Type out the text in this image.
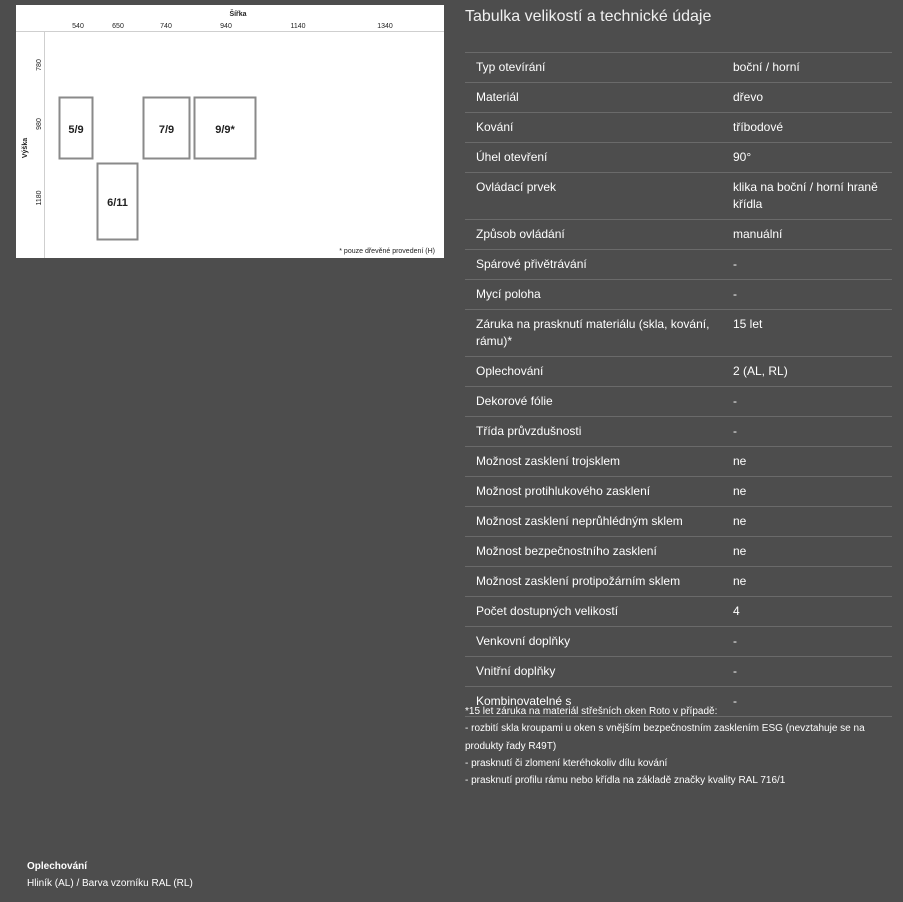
Šířka
Výška
540	650	740	940	1140	1340
780
980
1180
5/9
6/11
7/9	9/9*
* pouze dřevěné provedení (H)
Tabulka velikostí a technické údaje
Typ otevírání	boční / horní
Materiál	dřevo
Kování	tříbodové
Úhel otevření	90°
Ovládací prvek	klika na boční / horní hraně křídla
Způsob ovládání	manuální
Spárové přivětrávání	-
Mycí poloha	-
Záruka na prasknutí materiálu (skla, kování, rámu)*	15 let
Oplechování	2 (AL, RL)
Dekorové fólie	-
Třída průvzdušnosti	-
Možnost zasklení trojsklem	ne
Možnost protihlukového zasklení	ne
Možnost zasklení neprůhlédným sklem	ne
Možnost bezpečnostního zasklení	ne
Možnost zasklení protipožárním sklem	ne
Počet dostupných velikostí	4
Venkovní doplňky	-
Vnitřní doplňky	-
Kombinovatelné s	-
*15 let záruka na materiál střešních oken Roto v případě:
- rozbití skla kroupami u oken s vnějším bezpečnostním zasklením ESG (nevztahuje se na produkty řady R49T)
- prasknutí či zlomení kteréhokoliv dílu kování
- prasknutí profilu rámu nebo křídla na základě značky kvality RAL 716/1
Oplechování
Hliník (AL) / Barva vzorníku RAL (RL)
